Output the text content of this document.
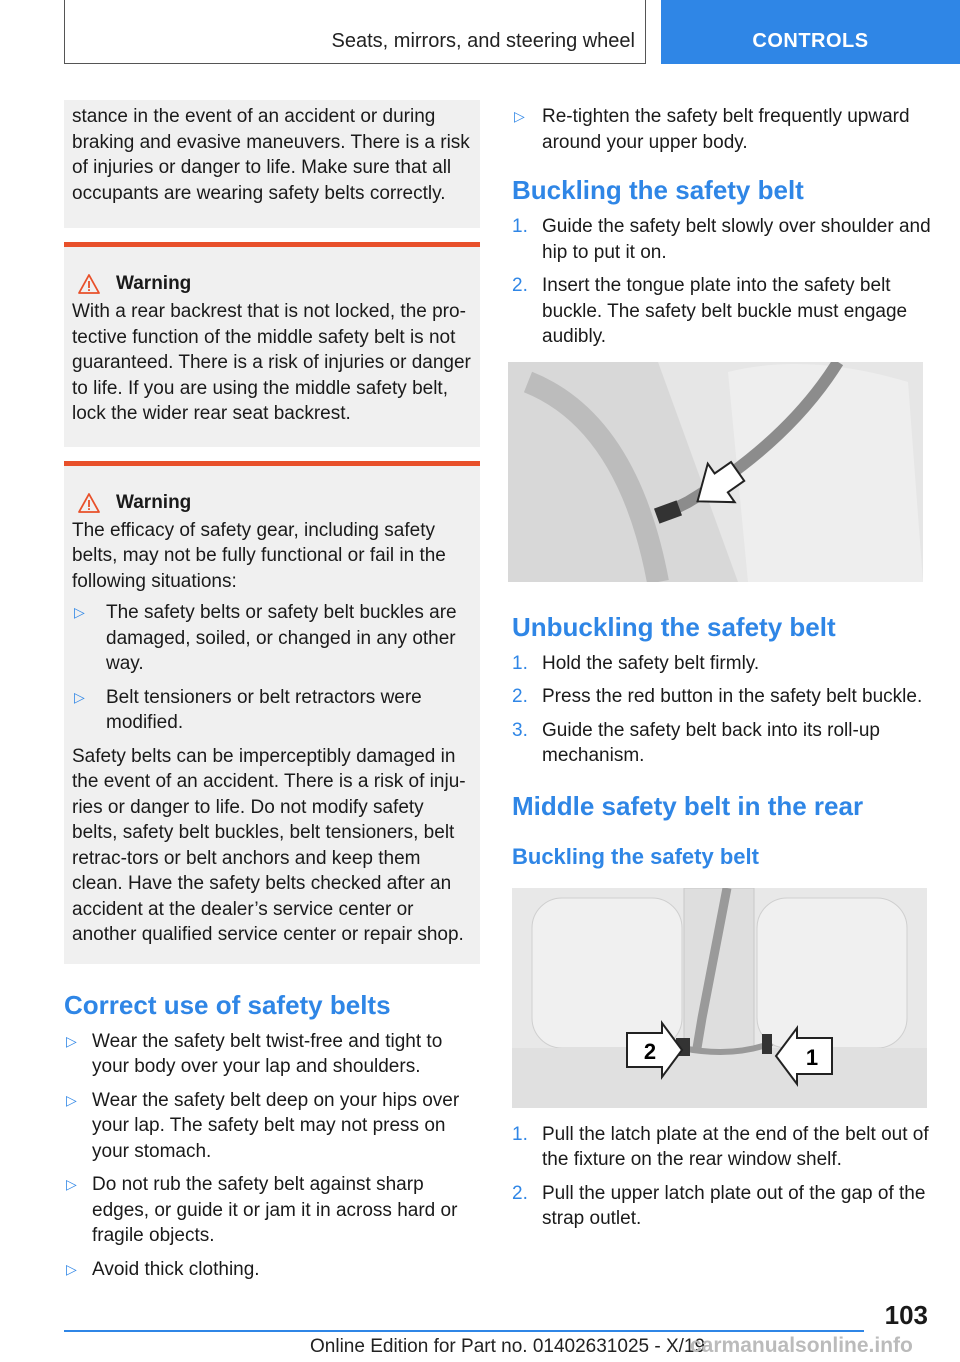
Seats, mirrors, and steering wheel	CONTROLS

stance in the event of an accident or during braking and evasive maneuvers. There is a risk of injuries or danger to life. Make sure that all occupants are wearing safety belts correctly.

Warning

With a rear backrest that is not locked, the pro-tective function of the middle safety belt is not guaranteed. There is a risk of injuries or danger to life. If you are using the middle safety belt, lock the wider rear seat backrest.

Warning

The efficacy of safety gear, including safety belts, may not be fully functional or fail in the following situations:

▷	The safety belts or safety belt buckles are damaged, soiled, or changed in any other way.
▷	Belt tensioners or belt retractors were modified.

Safety belts can be imperceptibly damaged in the event of an accident. There is a risk of inju-ries or danger to life. Do not modify safety belts, safety belt buckles, belt tensioners, belt retrac-tors or belt anchors and keep them clean. Have the safety belts checked after an accident at the dealer’s service center or another qualified service center or repair shop.

Correct use of safety belts
▷ Wear the safety belt twist-free and tight to your body over your lap and shoulders.
▷ Wear the safety belt deep on your hips over your lap. The safety belt may not press on your stomach.
▷ Do not rub the safety belt against sharp edges, or guide it or jam it in across hard or fragile objects.
▷ Avoid thick clothing.
▷ Re-tighten the safety belt frequently upward around your upper body.
Buckling the safety belt
1. Guide the safety belt slowly over shoulder and hip to put it on.
2. Insert the tongue plate into the safety belt buckle. The safety belt buckle must engage audibly.
Unbuckling the safety belt
1. Hold the safety belt firmly.
2. Press the red button in the safety belt buckle.
3. Guide the safety belt back into its roll-up mechanism.
Middle safety belt in the rear
Buckling the safety belt
2	1
1. Pull the latch plate at the end of the belt out of the fixture on the rear window shelf.
2. Pull the upper latch plate out of the gap of the strap outlet.
103
Online Edition for Part no. 01402631025 - X/19
carmanualsonline.info
